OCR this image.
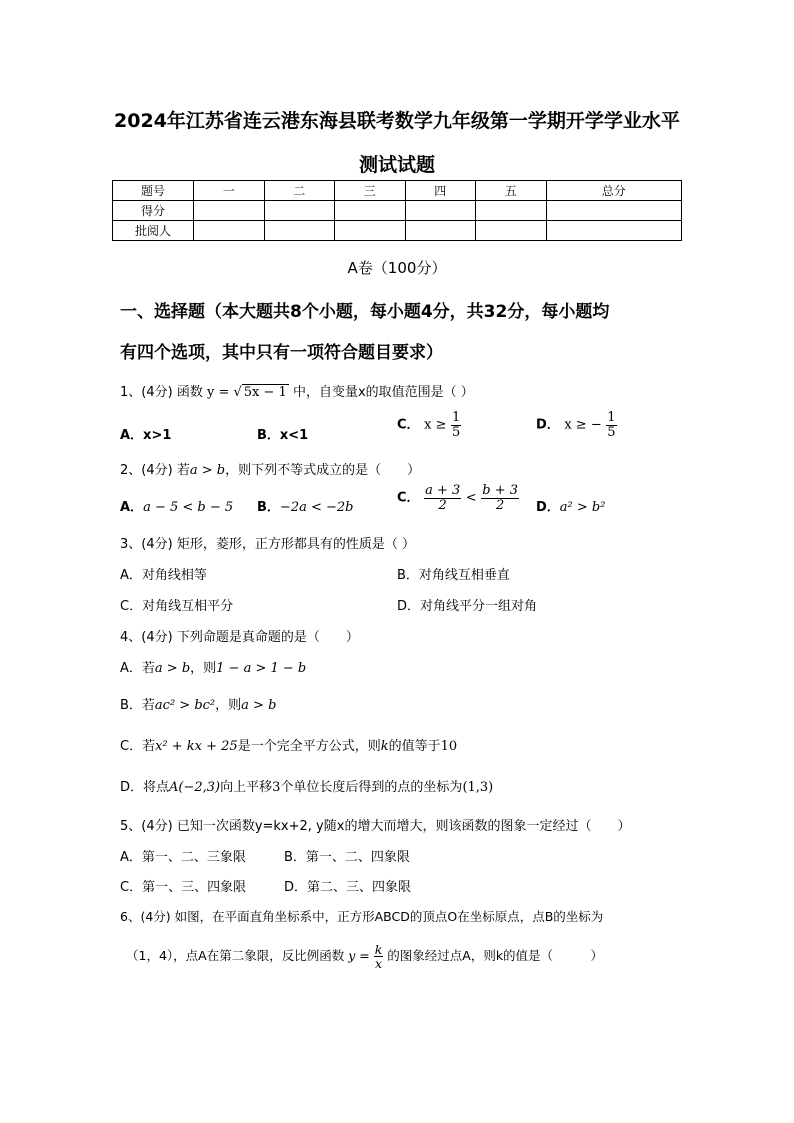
2024年江苏省连云港东海县联考数学九年级第一学期开学学业水平
测试试题
题号	一	二	三	四	五	总分
得分						
批阅人						
A卷（100分）
一、选择题（本大题共8个小题，每小题4分，共32分，每小题均
有四个选项，其中只有一项符合题目要求）
1、(4分) 函数 y = √ 5x − 1 中，自变量x的取值范围是（ ）
A．x>1	B．x<1
C． $x \ge \frac{1}{5}$	D． x ≥ − $\frac{1}{5}$
2、(4分) 若a > b，则下列不等式成立的是（　　）
A．a − 5 < b − 5 B．−2a < −2b
C． $\frac{a + 3}{2} < \frac{b + 3}{2}$ D．a² > b²
3、(4分) 矩形，菱形，正方形都具有的性质是（ ）
A．对角线相等	B．对角线互相垂直
C．对角线互相平分	D．对角线平分一组对角
4、(4分) 下列命题是真命题的是（　　）
A．若a > b，则1 − a > 1 − b
B．若ac² > bc²，则a > b
C．若x² + kx + 25是一个完全平方公式，则k的值等于10
D．将点A(−2,3)向上平移3个单位长度后得到的点的坐标为(1,3)
5、(4分) 已知一次函数y=kx+2, y随x的增大而增大，则该函数的图象一定经过（　　）
A．第一、二、三象限	B．第一、二、四象限
C．第一、三、四象限	D．第二、三、四象限
6、(4分) 如图，在平面直角坐标系中，正方形ABCD的顶点O在坐标原点，点B的坐标为
（1，4），点A在第二象限，反比例函数 $y = \frac{k}{x}$ 的图象经过点A，则k的值是（　　　）
